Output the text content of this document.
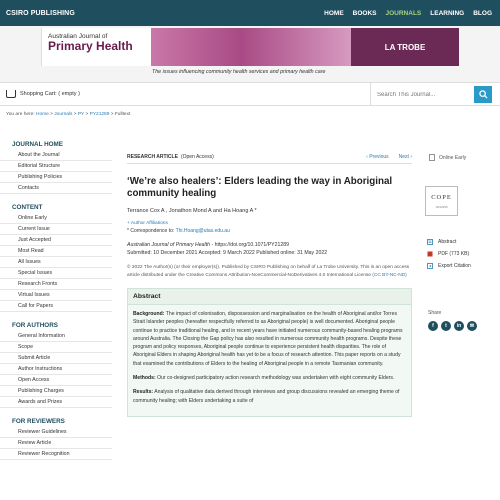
CSIRO PUBLISHING	HOME BOOKS JOURNALS LEARNING BLOG
Australian Journal of
Primary Health	LA TROBE
The issues influencing community health services and primary health care
Shopping Cart: ( empty )
Search This Journal...
You are here: Home > Journals > PY > PY21289 > Fulltext
JOURNAL HOME
About the Journal
Editorial Structure
Publishing Policies
Contacts
CONTENT
Online Early
Current Issue
Just Accepted
Most Read
All Issues
Special Issues
Research Fronts
Virtual Issues
Call for Papers
FOR AUTHORS
General Information
Scope
Submit Article
Author Instructions
Open Access
Publishing Charges
Awards and Prizes
FOR REVIEWERS
Reviewer Guidelines
Review Article
Reviewer Recognition
RESEARCH ARTICLE (Open Access)	‹ Previous Next ›
‘We’re also healers’: Elders leading the way in Aboriginal community healing
Terrance Cox A , Jonathon Mond A and Ha Hoang A *
+ Author Affiliations
* Correspondence to: Thi.Hoang@utas.edu.au
Australian Journal of Primary Health - https://doi.org/10.1071/PY21289
Submitted: 10 December 2021 Accepted: 9 March 2022 Published online: 31 May 2022
© 2022 The Author(s) (or their employer(s)). Published by CSIRO Publishing on behalf of La Trobe University. This is an open access article distributed under the Creative Commons Attribution-NonCommercial-NoDerivatives 4.0 International License (CC BY-NC-ND)
Abstract

Background: The impact of colonisation, dispossession and marginalisation on the health of Aboriginal and/or Torres Strait Islander peoples (hereafter respectfully referred to as Aboriginal people) is well documented. Aboriginal people continue to practice traditional healing, and in recent years have initiated numerous community-based healing programs around Australia. The Closing the Gap policy has also resulted in numerous community health programs. Despite these program and policy responses, Aboriginal people continue to experience persistent health disparities. The role of Aboriginal Elders in shaping Aboriginal health has yet to be a focus of research attention. This paper reports on a study that examined the contributions of Elders to the healing of Aboriginal people in a remote Tasmanian community.

Methods: Our co-designed participatory action research methodology was undertaken with eight community Elders.

Results: Analysis of qualitative data derived through interviews and group discussions revealed an emerging theme of community healing; with Elders undertaking a suite of

Online Early
COPE
JM12956
Abstract
PDF (773 KB)
Export Citation
Share
f	t	in	✉
